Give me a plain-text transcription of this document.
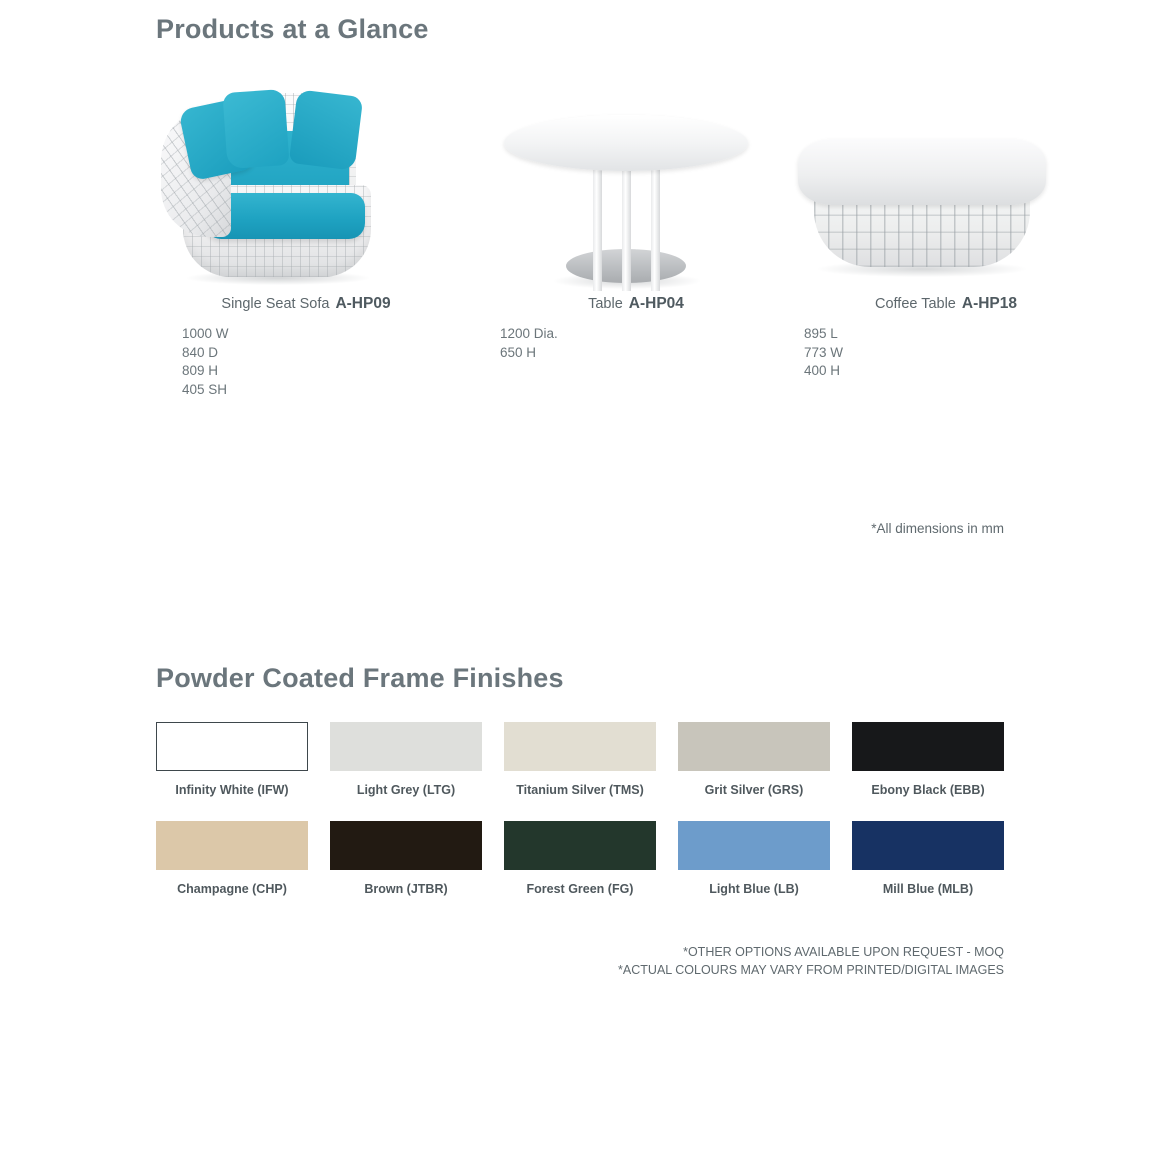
Products at a Glance
Single Seat Sofa A-HP09
1000 W
840 D
809 H
405 SH
Table A-HP04
1200 Dia.
650 H
Coffee Table A-HP18
895 L
773 W
400 H
*All dimensions in mm
Powder Coated Frame Finishes
Infinity White (IFW)	Light Grey (LTG)	Titanium Silver (TMS)	Grit Silver (GRS)	Ebony Black (EBB)
Champagne (CHP)	Brown (JTBR)	Forest Green (FG)	Light Blue (LB)	Mill Blue (MLB)
*OTHER OPTIONS AVAILABLE UPON REQUEST - MOQ
*ACTUAL COLOURS MAY VARY FROM PRINTED/DIGITAL IMAGES
